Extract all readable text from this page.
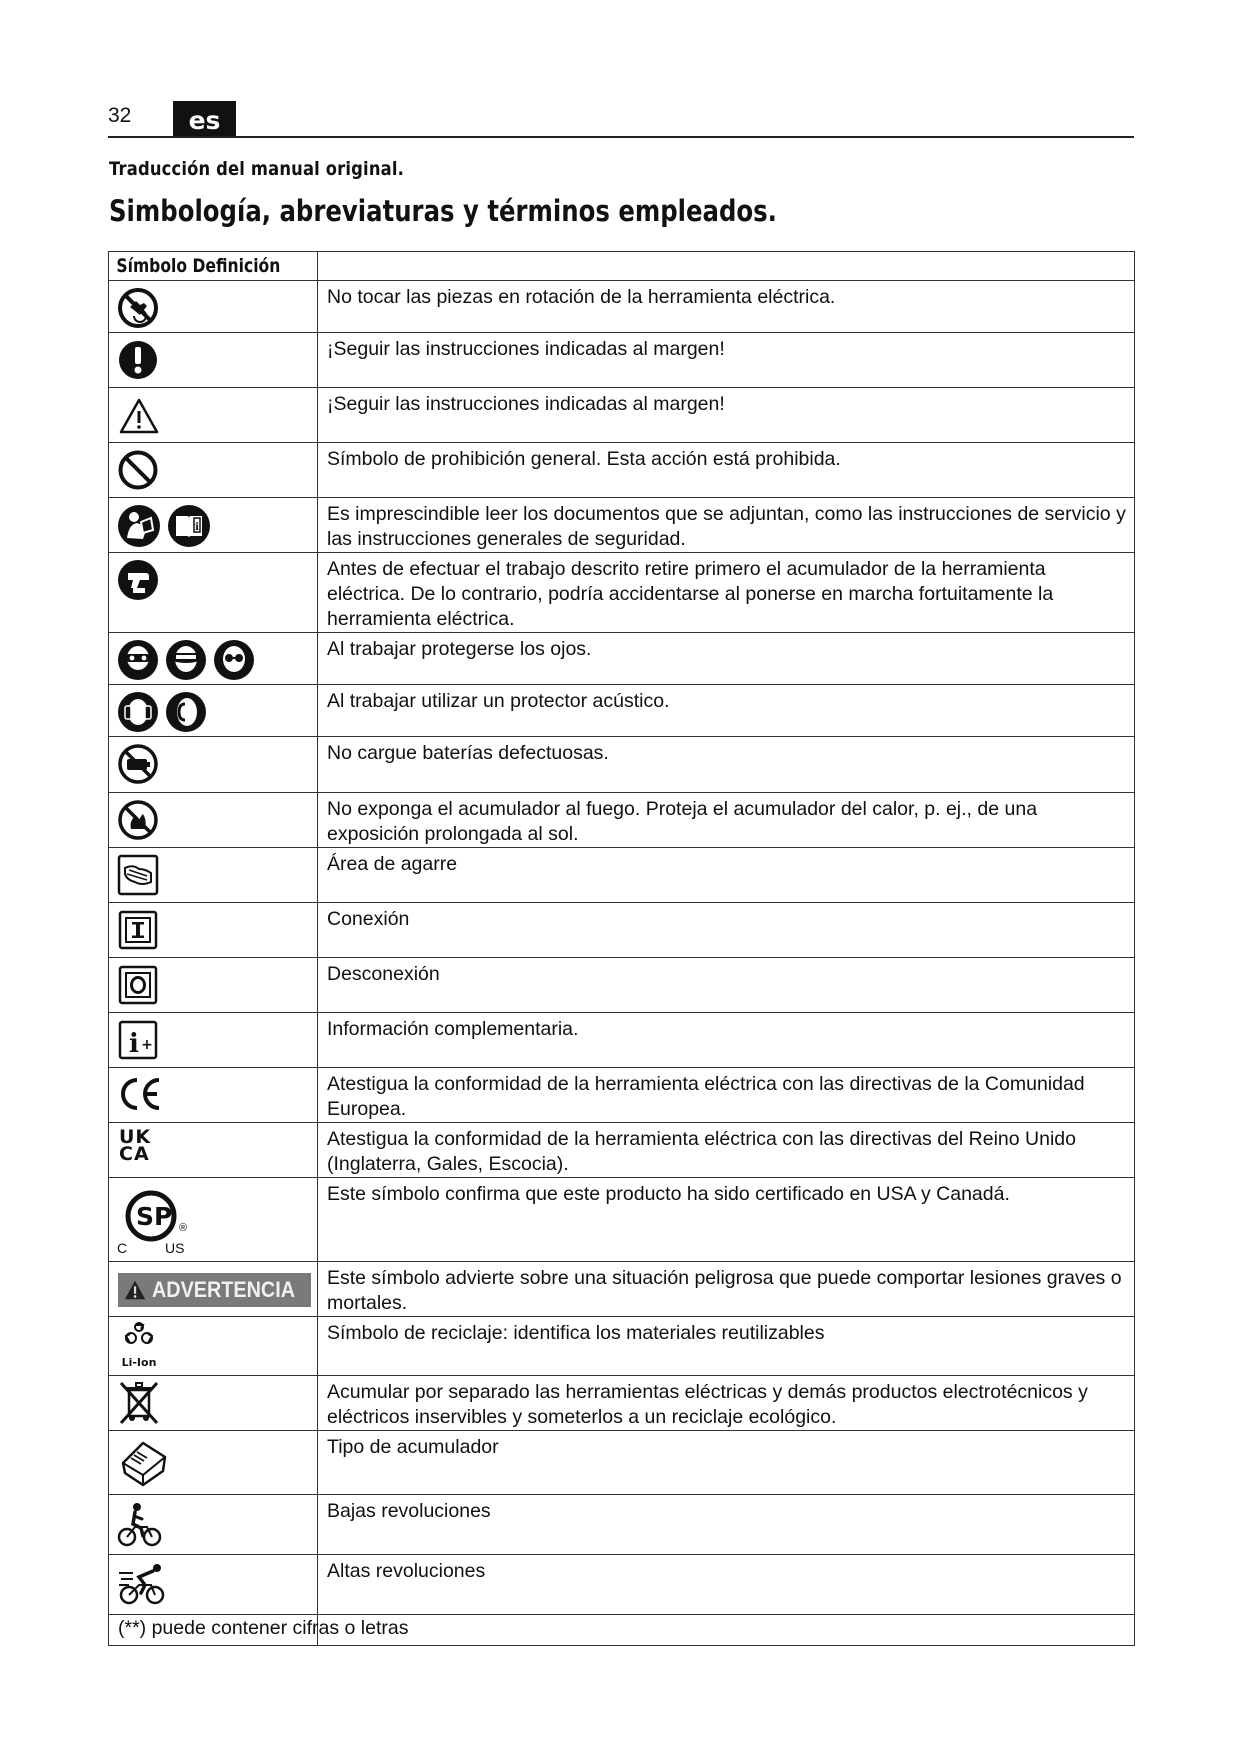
32	es
Traducción del manual original.
Simbología, abreviaturas y términos empleados.
Símbolo Definición	

	No tocar las piezas en rotación de la herramienta eléctrica.

	¡Seguir las instrucciones indicadas al margen!

	¡Seguir las instrucciones indicadas al margen!

	Símbolo de prohibición general. Esta acción está prohibida.

i	Es imprescindible leer los documentos que se adjuntan, como las instrucciones de servicio y las instrucciones generales de seguridad.

	Antes de efectuar el trabajo descrito retire primero el acumulador de la herramienta eléctrica. De lo contrario, podría accidentarse al ponerse en marcha fortuitamente la herramienta eléctrica.

	Al trabajar protegerse los ojos.

	Al trabajar utilizar un protector acústico.

	No cargue baterías defectuosas.

	No exponga el acumulador al fuego. Proteja el acumulador del calor, p. ej., de una exposición prolongada al sol.

	Área de agarre

	Conexión

	Desconexión

i +	Información complementaria.

	Atestigua la conformidad de la herramienta eléctrica con las directivas de la Comunidad Europea.

UK
CA	Atestigua la conformidad de la herramienta eléctrica con las directivas del Reino Unido (Inglaterra, Gales, Escocia).

SP ®
C US	Este símbolo confirma que este producto ha sido certificado en USA y Canadá.

ADVERTENCIA	Este símbolo advierte sobre una situación peligrosa que puede comportar lesiones graves o mortales.

Li-Ion	Símbolo de reciclaje: identifica los materiales reutilizables

	Acumular por separado las herramientas eléctricas y demás productos electrotécnicos y eléctricos inservibles y someterlos a un reciclaje ecológico.

	Tipo de acumulador

	Bajas revoluciones

	Altas revoluciones

(**) puede contener cifras o letras	
